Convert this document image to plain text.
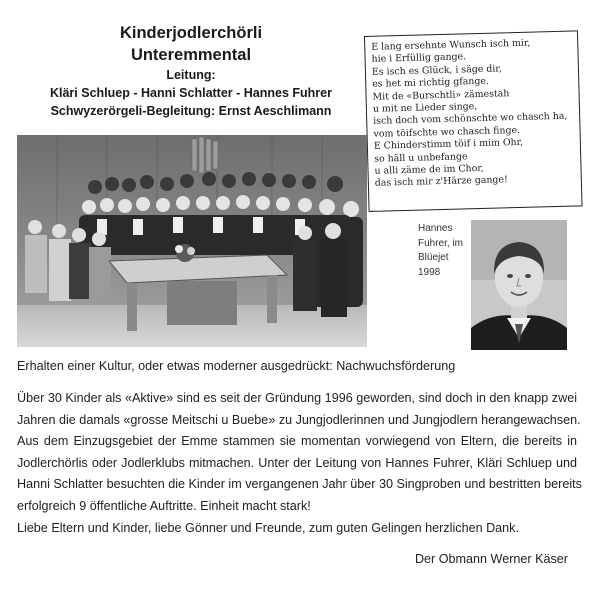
Kinderjodlerchörli
Unteremmental
Leitung:
Kläri Schluep - Hanni Schlatter - Hannes Fuhrer
Schwyzerörgeli-Begleitung: Ernst Aeschlimann
E lang ersehnte Wunsch isch mir,
hie i Erfüllig gange.
Es isch es Glück, i säge dir,
es het mi richtig gfange.
Mit de «Burschtli» zämestah
u mit ne Lieder singe,
isch doch vom schönschte wo chasch ha,
vom töifschte wo chasch finge.
E Chinderstimm töif i mim Ohr,
so häll u unbefange
u alli zäme de im Chor,
das isch mir z'Härze gange!
Hannes
Fuhrer, im
Blüejet
1998
Erhalten einer Kultur, oder etwas moderner ausgedrückt: Nachwuchsförderung
Über 30 Kinder als «Aktive» sind es seit der Gründung 1996 geworden, sind doch in den knapp zwei
Jahren die damals «grosse Meitschi u Buebe» zu Jungjodlerinnen und Jungjodlern herangewachsen.
Aus dem Einzugsgebiet der Emme stammen sie momentan vorwiegend von Eltern, die bereits in
Jodlerchörlis oder Jodlerklubs mitmachen. Unter der Leitung von Hannes Fuhrer, Kläri Schluep und
Hanni Schlatter besuchten die Kinder im vergangenen Jahr über 30 Singproben und bestritten bereits
erfolgreich 9 öffentliche Auftritte. Einheit macht stark!
Liebe Eltern und Kinder, liebe Gönner und Freunde, zum guten Gelingen herzlichen Dank.
Der Obmann Werner Käser
